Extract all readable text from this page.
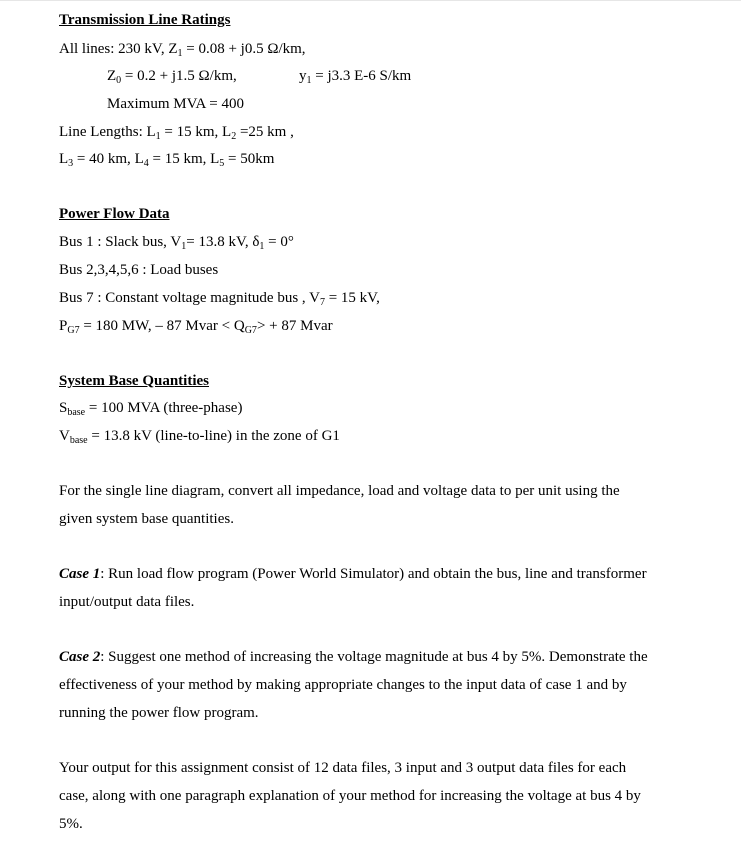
Transmission Line Ratings
All lines: 230 kV, $Z_1 = 0.08 + j0.5$ Ω/km,
$Z_0 = 0.2 + j1.5$ Ω/km,	$y_1 = j3.3$ E-6 S/km
Maximum MVA = 400
Line Lengths: $L_1 = 15$ km, $L_2 =25$ km ,
$L_3 = 40$ km, $L_4 = 15$ km, $L_5 = 50km$
Power Flow Data
Bus 1 : Slack bus, $V_1= 13.8$ kV, $\delta_1 = 0^\circ$
Bus 2,3,4,5,6 : Load buses
Bus 7 : Constant voltage magnitude bus , $V_7 = 15$ kV,
$P_{G7} = 180$ MW, – 87 Mvar < $Q_{G7}> + 87$ Mvar
System Base Quantities
$S_{base} = 100$ MVA (three-phase)
$V_{base} = 13.8$ kV (line-to-line) in the zone of G1
For the single line diagram, convert all impedance, load and voltage data to per unit using the
given system base quantities.
Case 1: Run load flow program (Power World Simulator) and obtain the bus, line and transformer
input/output data files.
Case 2: Suggest one method of increasing the voltage magnitude at bus 4 by 5%. Demonstrate the
effectiveness of your method by making appropriate changes to the input data of case 1 and by
running the power flow program.
Your output for this assignment consist of 12 data files, 3 input and 3 output data files for each
case, along with one paragraph explanation of your method for increasing the voltage at bus 4 by
5%.
